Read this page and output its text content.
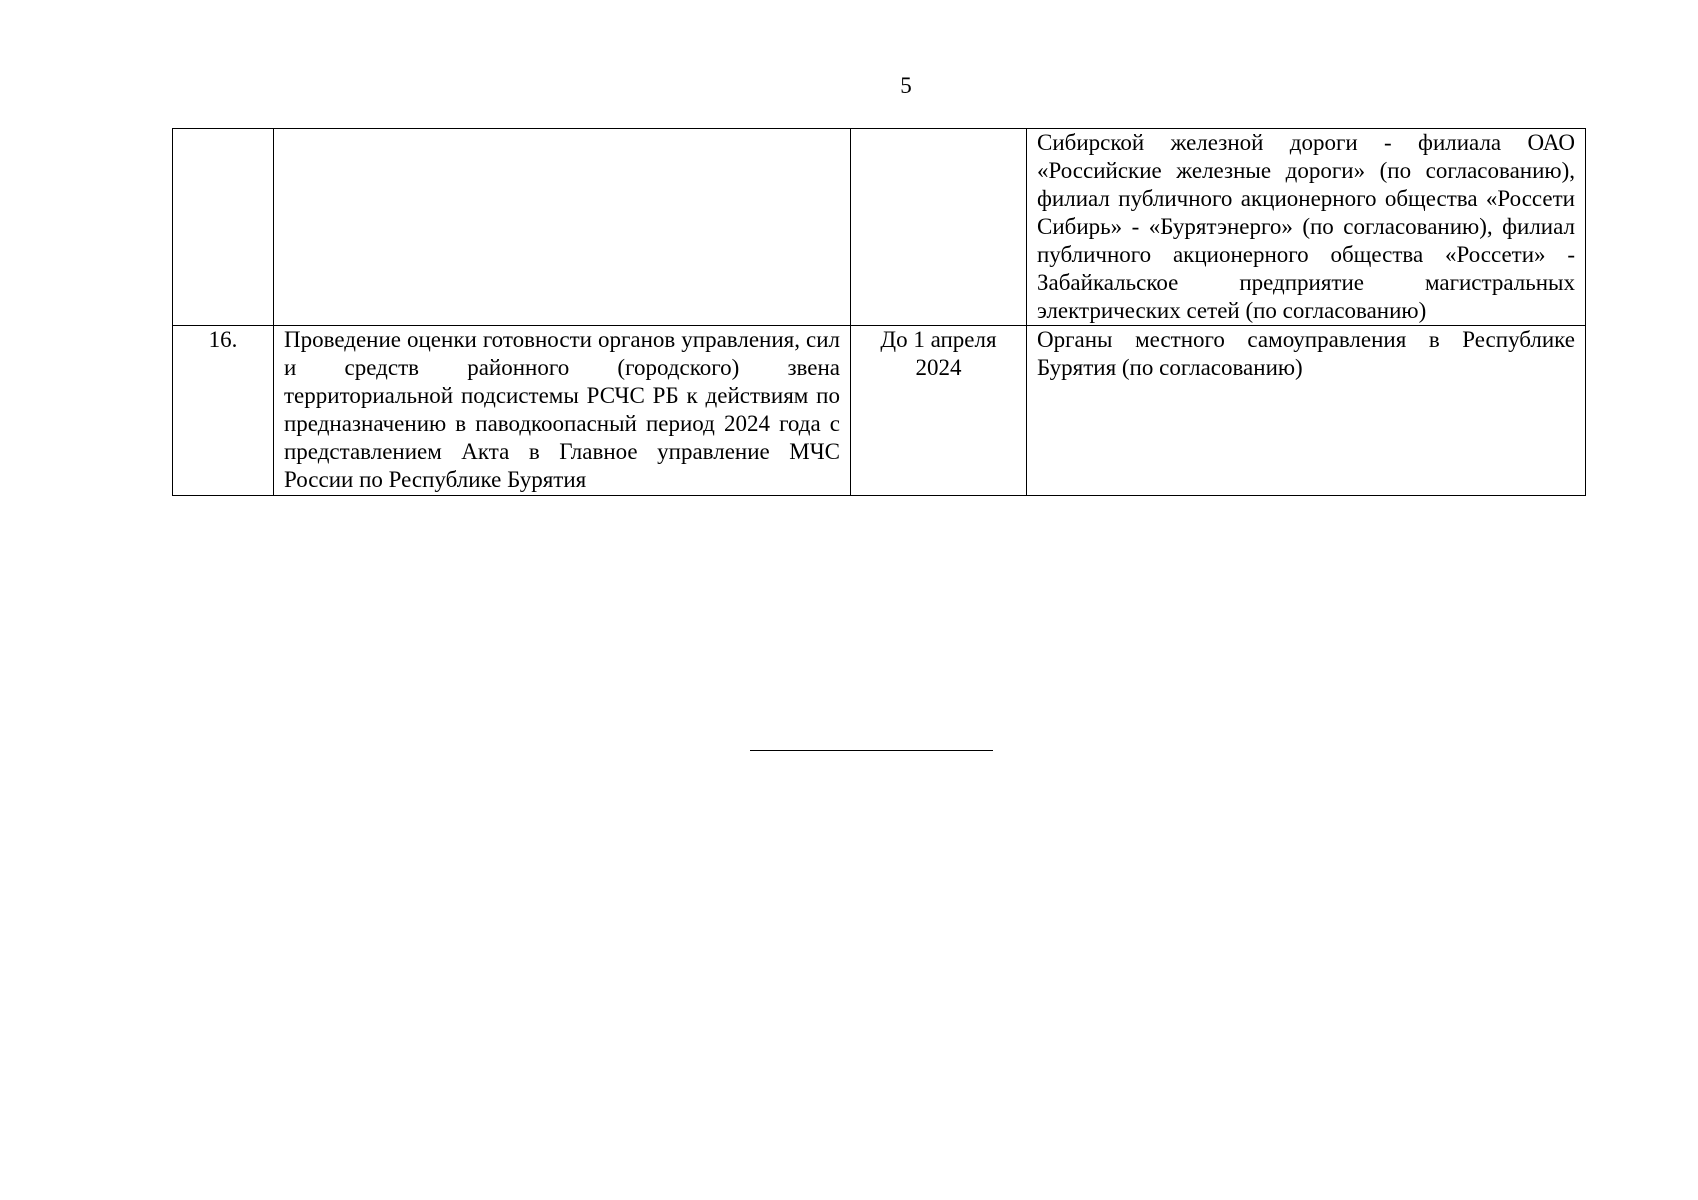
5

			Сибирской железной дороги - филиала ОАО «Российские железные дороги» (по согласованию), филиал публичного акционерного общества «Россети Сибирь» - «Бурятэнерго» (по согласованию), филиал публичного акционерного общества «Россети» - Забайкальское предприятие магистральных электрических сетей (по согласованию)

16.	Проведение оценки готовности органов управления, сил и средств районного (городского) звена территориальной подсистемы РСЧС РБ к действиям по предназначению в паводкоопасный период 2024 года с представлением Акта в Главное управление МЧС России по Республике Бурятия	До 1 апреля 2024	Органы местного самоуправления в Республике Бурятия (по согласованию)
